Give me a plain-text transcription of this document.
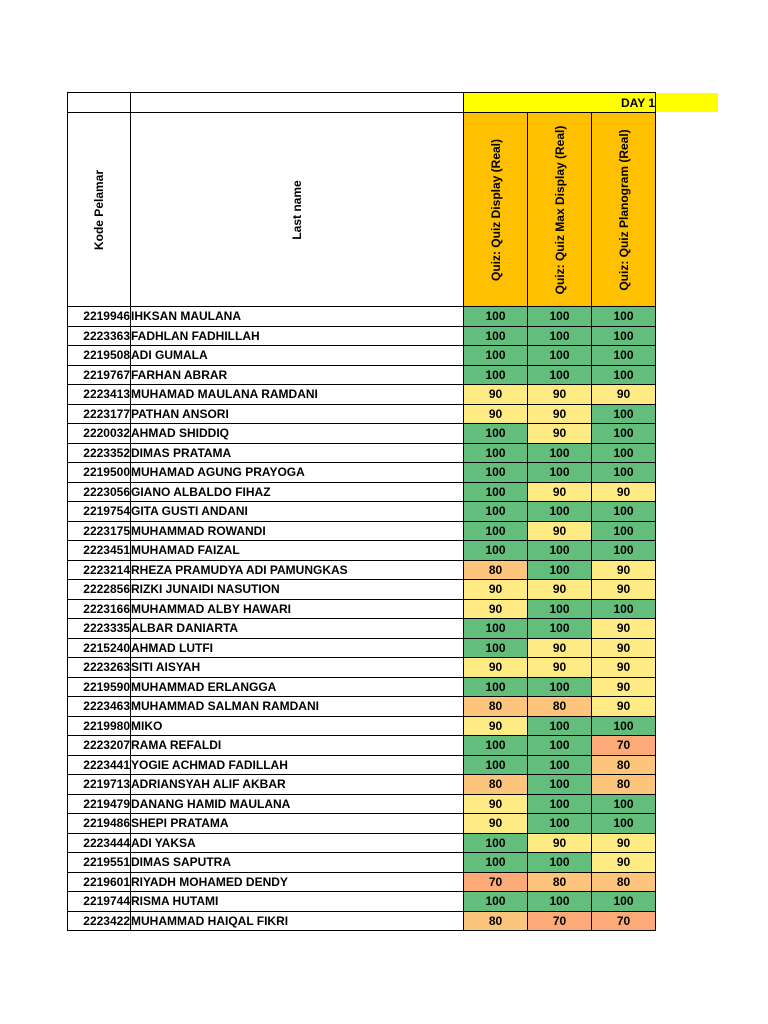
		DAY 1		

Kode Pelamar	Last name	Quiz: Quiz Display (Real)	Quiz: Quiz Max Display (Real)	Quiz: Quiz Planogram (Real)

2219946	IHKSAN MAULANA	100	100	100
2223363	FADHLAN FADHILLAH	100	100	100
2219508	ADI GUMALA	100	100	100
2219767	FARHAN ABRAR	100	100	100
2223413	MUHAMAD MAULANA RAMDANI	90	90	90
2223177	PATHAN ANSORI	90	90	100
2220032	AHMAD SHIDDIQ	100	90	100
2223352	DIMAS PRATAMA	100	100	100
2219500	MUHAMAD AGUNG PRAYOGA	100	100	100
2223056	GIANO ALBALDO FIHAZ	100	90	90
2219754	GITA GUSTI ANDANI	100	100	100
2223175	MUHAMMAD ROWANDI	100	90	100
2223451	MUHAMAD FAIZAL	100	100	100
2223214	RHEZA PRAMUDYA ADI PAMUNGKAS	80	100	90
2222856	RIZKI JUNAIDI NASUTION	90	90	90
2223166	MUHAMMAD ALBY HAWARI	90	100	100
2223335	ALBAR DANIARTA	100	100	90
2215240	AHMAD LUTFI	100	90	90
2223263	SITI AISYAH	90	90	90
2219590	MUHAMMAD ERLANGGA	100	100	90
2223463	MUHAMMAD SALMAN RAMDANI	80	80	90
2219980	MIKO	90	100	100
2223207	RAMA REFALDI	100	100	70
2223441	YOGIE ACHMAD FADILLAH	100	100	80
2219713	ADRIANSYAH ALIF AKBAR	80	100	80
2219479	DANANG HAMID MAULANA	90	100	100
2219486	SHEPI PRATAMA	90	100	100
2223444	ADI YAKSA	100	90	90
2219551	DIMAS SAPUTRA	100	100	90
2219601	RIYADH MOHAMED DENDY	70	80	80
2219744	RISMA HUTAMI	100	100	100
2223422	MUHAMMAD HAIQAL FIKRI	80	70	70
